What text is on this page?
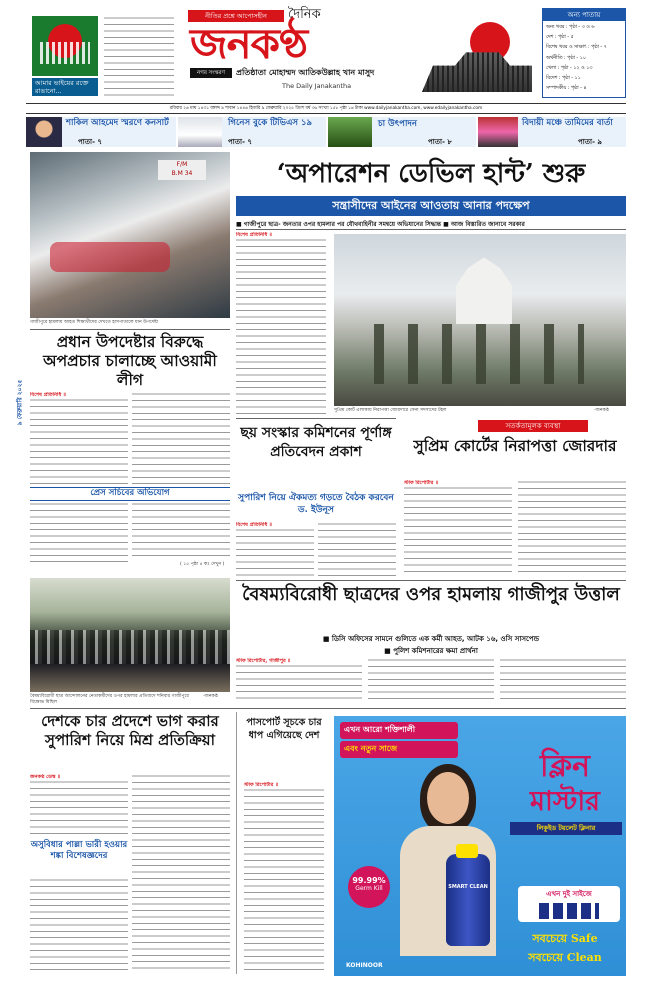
আমার ভাইয়ের রক্তে রাঙানো...
নীতির প্রশ্নে আপোসহীন	দৈনিক
জনকণ্ঠ
নগর সংস্করণ	প্রতিষ্ঠাতা মোহাম্মদ আতিকউল্লাহ খান মাসুদ
The Daily Janakantha
অন্য পাতায়
অন্য খবর : পৃষ্ঠা - ৩ ও ৬
দেশ : পৃষ্ঠা - ৫
বিশেষ খবর ও সাক্ষাৎ : পৃষ্ঠা - ৭
অর্থনীতি : পৃষ্ঠা - ১০
খেলা : পৃষ্ঠা - ১২ ও ১৩
বিদেশ : পৃষ্ঠা - ১১
সম্পাদকীয় : পৃষ্ঠা - ৪
রবিবার ২৬ মাঘ ১৪৩১ বঙ্গাব্দ ৯ শাবান ১৪৪৬ হিজরি ৯ ফেব্রুয়ারি ২০২৫ ত্রিংশ বর্ষ ৩৬ সংখ্যা ১৫৮ পৃষ্ঠা ১৬ টাকা www.dailyjanakantha.com, www.edailyjanakantha.com
শাকিল আহমেদ স্মরণে কনসার্ট
পাতা- ৭
গিনেস বুকে টিভিএস ১৯
পাতা- ৭
চা উৎপাদন
পাতা- ৮
বিদায়ী মঞ্চে তামিমের বার্তা
পাতা- ৯
F/M
B.M 34
গাজীপুরে হামলায় আহত শিক্ষার্থীদের দেখতে হাসপাতালে যান উপদেষ্টা
‘অপারেশন ডেভিল হান্ট’ শুরু
সন্ত্রাসীদের আইনের আওতায় আনার পদক্ষেপ
■ গাজীপুরে ছাত্র- জনতার ওপর হামলার পর যৌথবাহিনীর সমন্বয়ে অভিযানের সিদ্ধান্ত ■ আজ বিস্তারিত জানাবে সরকার
বিশেষ প্রতিনিধি ॥
সুপ্রিম কোর্ট এলাকায় নিরাপত্তা জোরদারে সেনা সদস্যদের টহল	-জনকণ্ঠ
প্রধান উপদেষ্টার বিরুদ্ধে অপপ্রচার চালাচ্ছে আওয়ামী লীগ
বিশেষ প্রতিনিধি ॥
প্রেস সচিবের অভিযোগ
( ১৫ পৃষ্ঠা ৪ কঃ দেখুন )
৯ ফেব্রুয়ারি ২০২৫
ছয় সংস্কার কমিশনের পূর্ণাঙ্গ প্রতিবেদন প্রকাশ
সুপারিশ নিয়ে ঐকমত্য গড়তে বৈঠক করবেন ড. ইউনূস
বিশেষ প্রতিনিধি ॥
সতর্কতামূলক ব্যবস্থা
সুপ্রিম কোর্টের নিরাপত্তা জোরদার
স্টাফ রিপোর্টার ॥
বৈষম্যবিরোধী ছাত্র আন্দোলনের নেতাকর্মীদের ওপর হামলার প্রতিবাদে শনিবার গাজীপুরে বিক্ষোভ মিছিল
-জনকণ্ঠ
বৈষম্যবিরোধী ছাত্রদের ওপর হামলায় গাজীপুর উত্তাল
■ ডিসি অফিসের সামনে গুলিতে এক কর্মী আহত, আটক ১৬, ওসি সাসপেন্ড
■ পুলিশ কমিশনারের ক্ষমা প্রার্থনা
স্টাফ রিপোর্টার, গাজীপুর ॥
দেশকে চার প্রদেশে ভাগ করার সুপারিশ নিয়ে মিশ্র প্রতিক্রিয়া
জনকণ্ঠ ডেস্ক ॥
অসুবিধার পাল্লা ভারী হওয়ার শঙ্কা বিশেষজ্ঞদের
পাসপোর্ট সূচকে চার ধাপ এগিয়েছে দেশ
স্টাফ রিপোর্টার ॥
এখন আরো শক্তিশালী
এবং নতুন সাজে
SMART CLEAN
99.99%
Germ Kill
ক্লিন
মাস্টার
লিকুইড টয়লেট ক্লিনার
এখন দুই সাইজে
সবচেয়ে Safe
সবচেয়ে Clean
KOHINOOR
